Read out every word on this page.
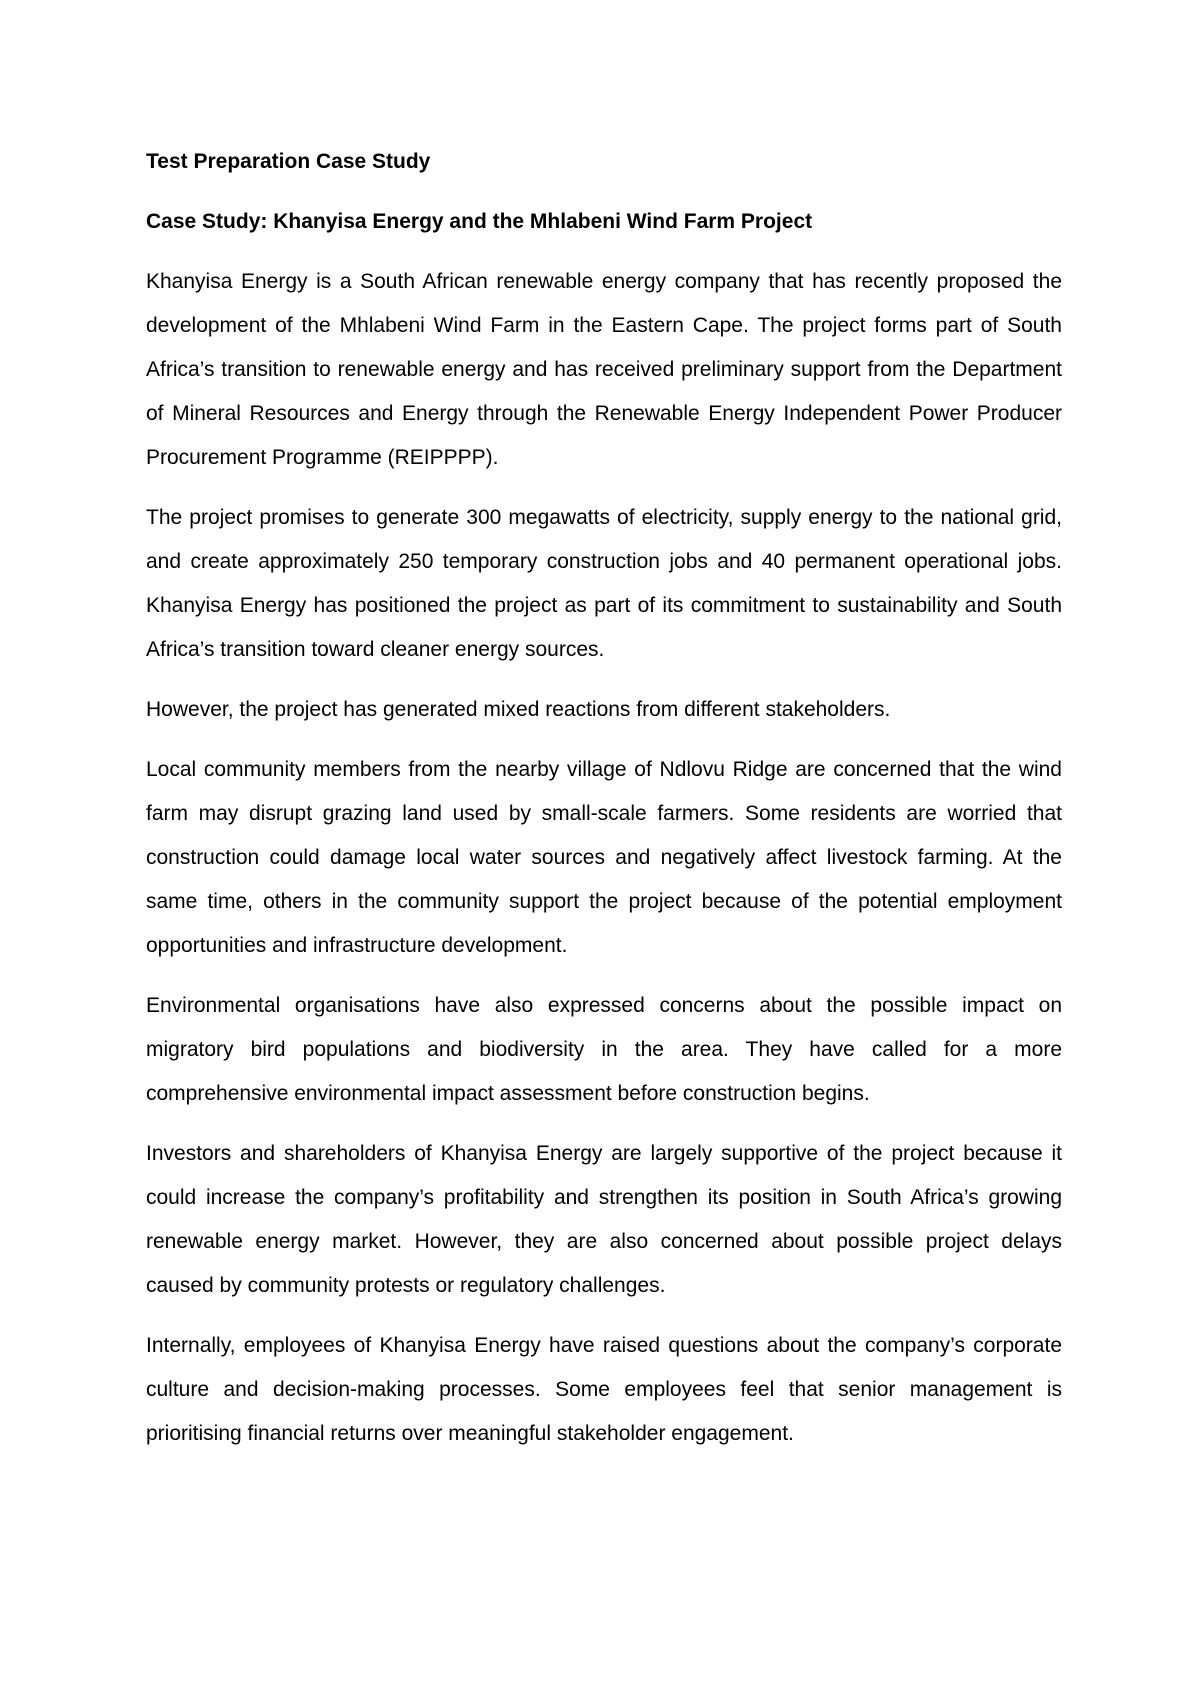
Test Preparation Case Study
Case Study: Khanyisa Energy and the Mhlabeni Wind Farm Project

Khanyisa Energy is a South African renewable energy company that has recently proposed the development of the Mhlabeni Wind Farm in the Eastern Cape. The project forms part of South Africa’s transition to renewable energy and has received preliminary support from the Department of Mineral Resources and Energy through the Renewable Energy Independent Power Producer Procurement Programme (REIPPPP).

The project promises to generate 300 megawatts of electricity, supply energy to the national grid, and create approximately 250 temporary construction jobs and 40 permanent operational jobs. Khanyisa Energy has positioned the project as part of its commitment to sustainability and South Africa’s transition toward cleaner energy sources.

However, the project has generated mixed reactions from different stakeholders.

Local community members from the nearby village of Ndlovu Ridge are concerned that the wind farm may disrupt grazing land used by small-scale farmers. Some residents are worried that construction could damage local water sources and negatively affect livestock farming. At the same time, others in the community support the project because of the potential employment opportunities and infrastructure development.

Environmental organisations have also expressed concerns about the possible impact on migratory bird populations and biodiversity in the area. They have called for a more comprehensive environmental impact assessment before construction begins.

Investors and shareholders of Khanyisa Energy are largely supportive of the project because it could increase the company’s profitability and strengthen its position in South Africa’s growing renewable energy market. However, they are also concerned about possible project delays caused by community protests or regulatory challenges.

Internally, employees of Khanyisa Energy have raised questions about the company’s corporate culture and decision-making processes. Some employees feel that senior management is prioritising financial returns over meaningful stakeholder engagement.
